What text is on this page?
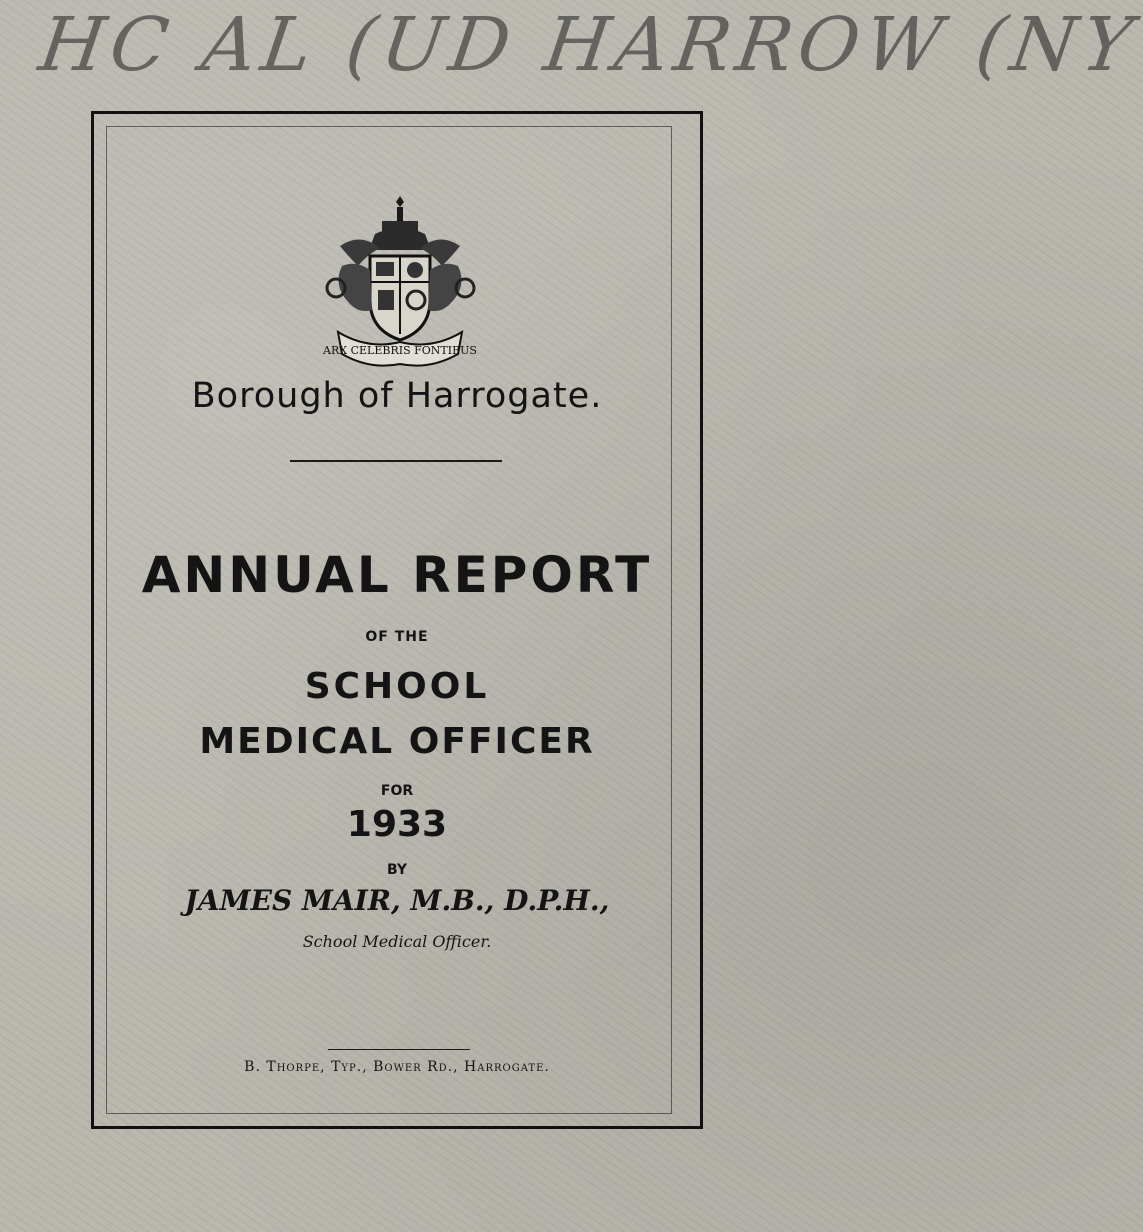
HC AL (UD HARROW (NY
ARX CELEBRIS FONTIBUS
Borough of Harrogate.
ANNUAL REPORT
OF THE
SCHOOL
MEDICAL OFFICER
FOR
1933
BY
JAMES MAIR, M.B., D.P.H.,
School Medical Officer.
B. Thorpe, Typ., Bower Rd., Harrogate.
